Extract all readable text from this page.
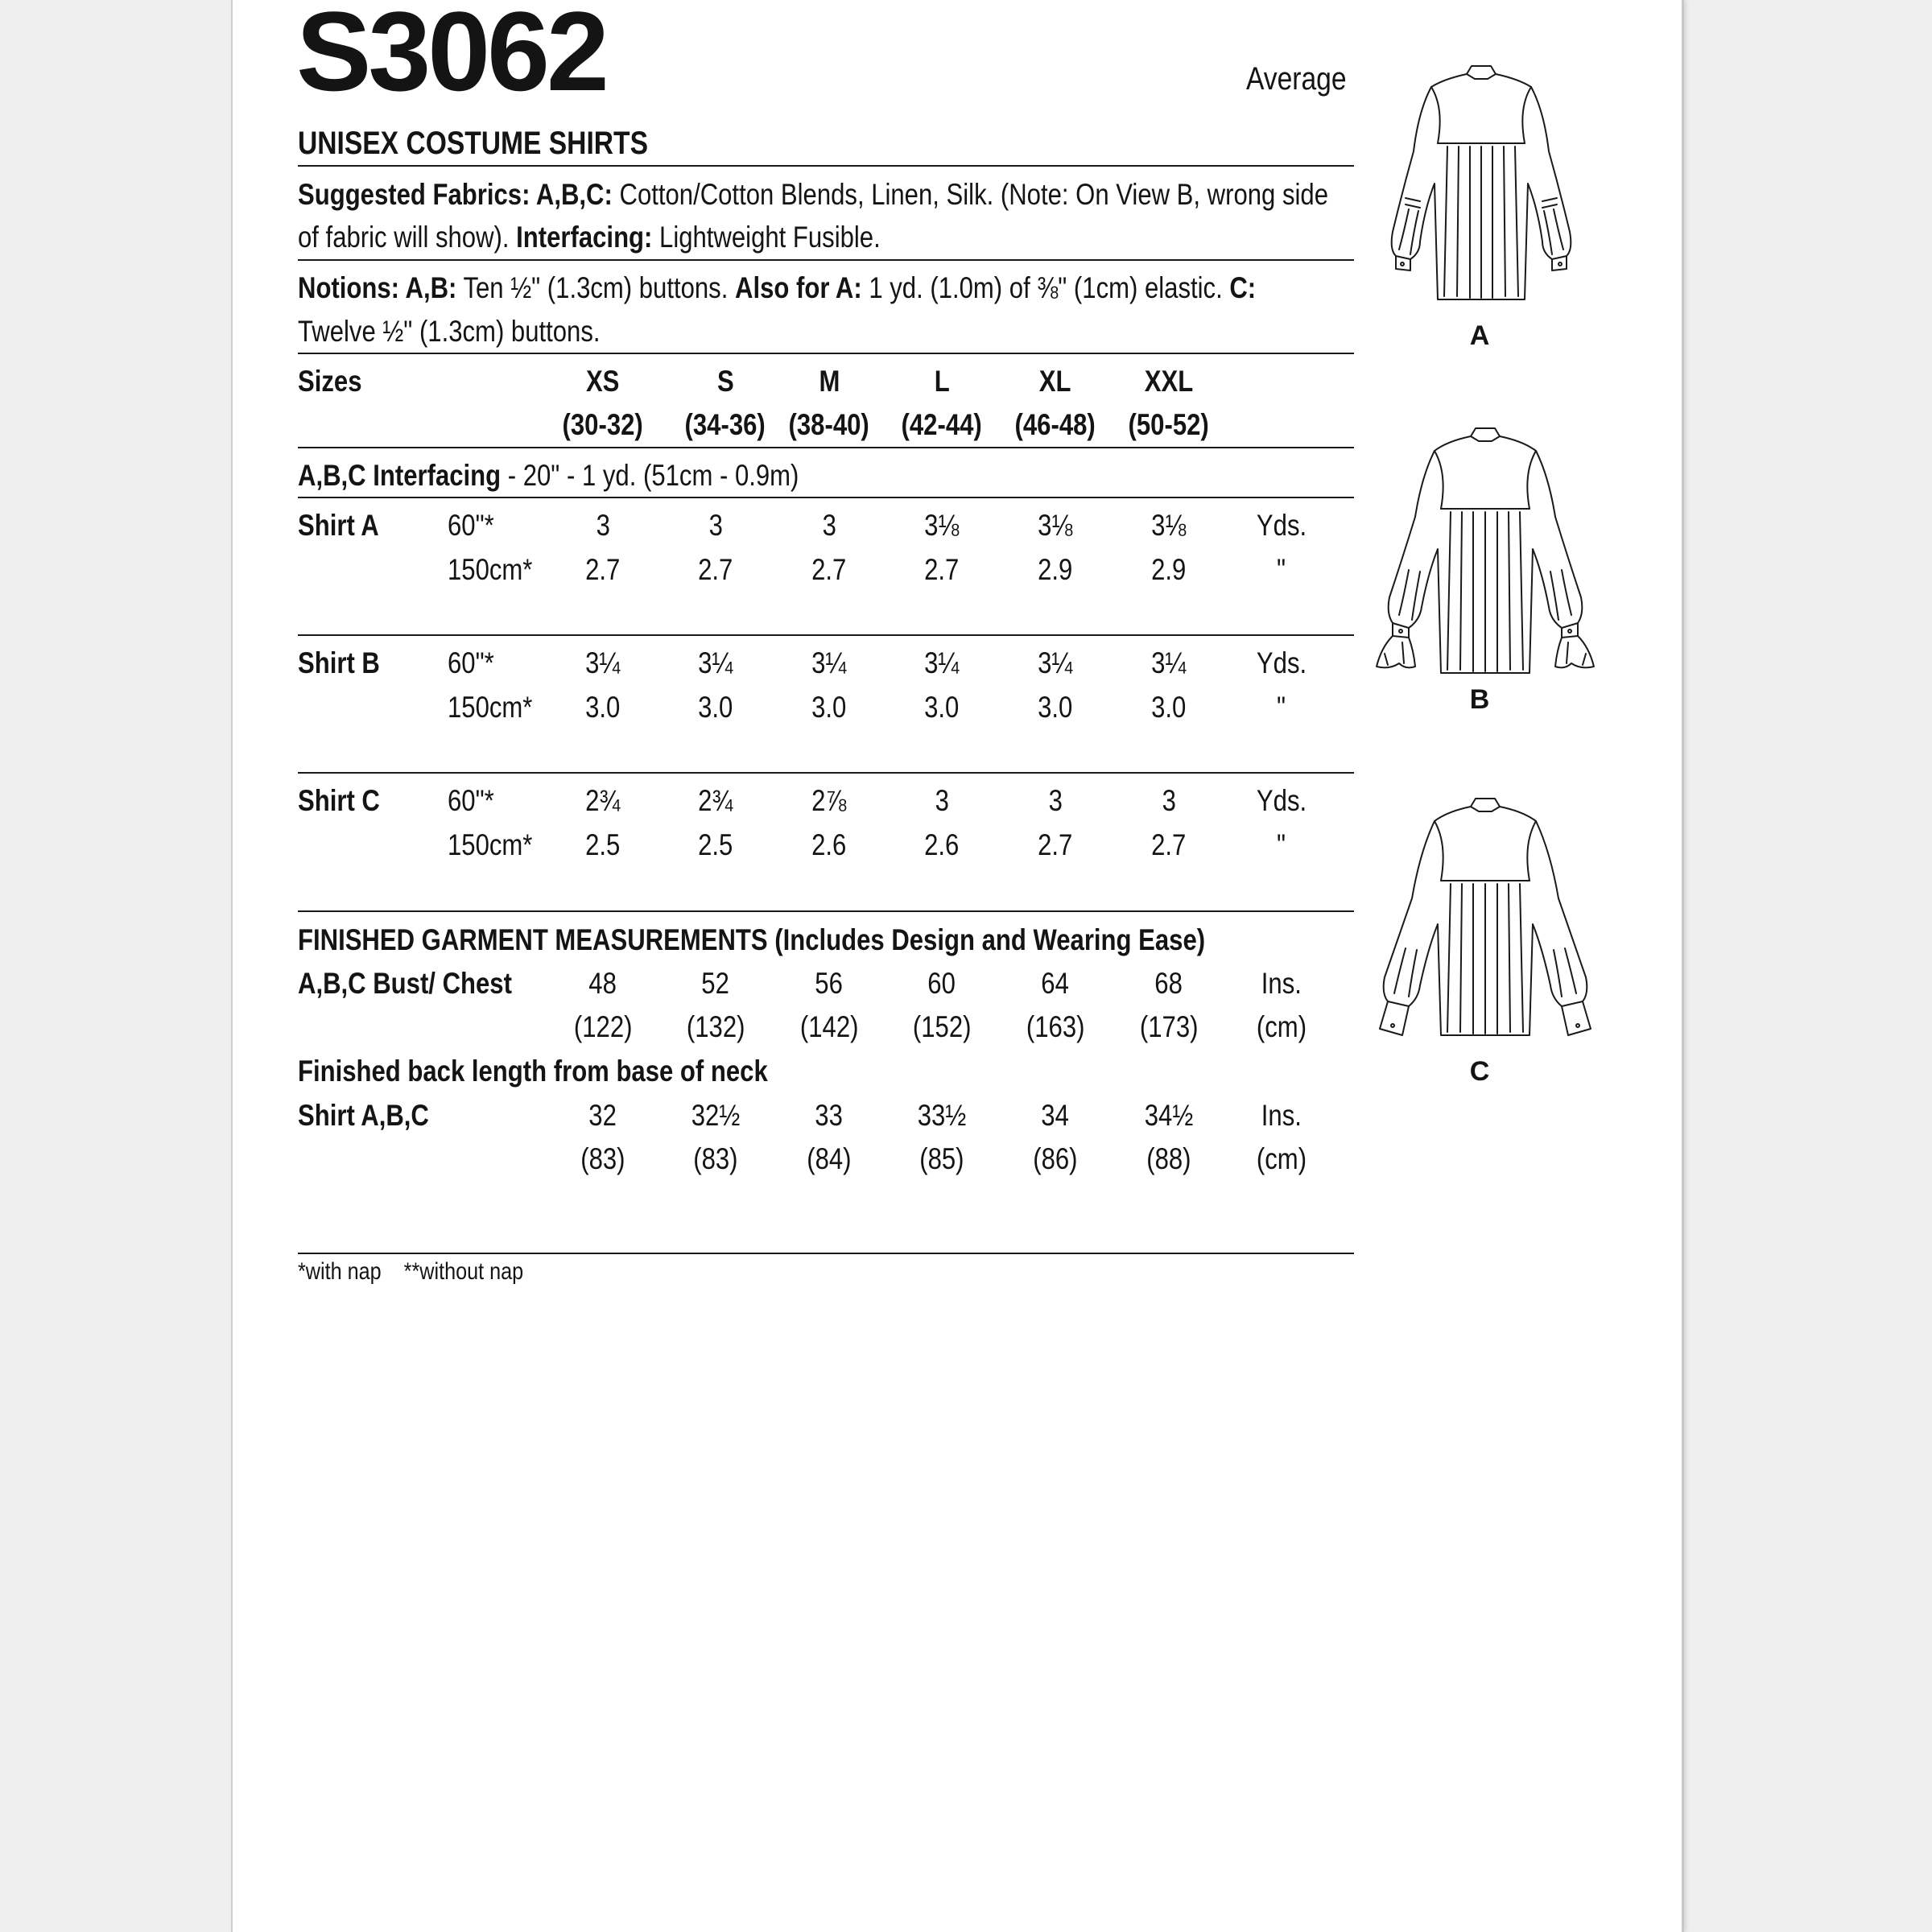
S3062	Average
UNISEX COSTUME SHIRTS
Suggested Fabrics: A,B,C: Cotton/Cotton Blends, Linen, Silk. (Note: On View B, wrong side
of fabric will show). Interfacing: Lightweight Fusible.
Notions: A,B: Ten ½" (1.3cm) buttons. Also for A: 1 yd. (1.0m) of ⅜" (1cm) elastic. C:
Twelve ½" (1.3cm) buttons.
Sizes	XS	S	M	L	XL	XXL
(30-32)	(34-36) (38-40)	(42-44)	(46-48)	(50-52)
A,B,C Interfacing - 20" - 1 yd. (51cm - 0.9m)
Shirt A	60"*	3	3	3	3⅛	3⅛	3⅛	Yds.
150cm*	2.7	2.7	2.7	2.7	2.9	2.9	"
Shirt B	60"*	3¼	3¼	3¼	3¼	3¼	3¼	Yds.
150cm*	3.0	3.0	3.0	3.0	3.0	3.0	"
Shirt C	60"*	2¾	2¾	2⅞	3	3	3	Yds.
150cm*	2.5	2.5	2.6	2.6	2.7	2.7	"
FINISHED GARMENT MEASUREMENTS (Includes Design and Wearing Ease)
A,B,C Bust/ Chest	48	52	56	60	64	68	Ins.
(122)	(132)	(142)	(152)	(163)	(173)	(cm)
Finished back length from base of neck
Shirt A,B,C	32	32½	33	33½	34	34½	Ins.
(83)	(83)	(84)	(85)	(86)	(88)	(cm)
*with nap **without nap
A
B
C
